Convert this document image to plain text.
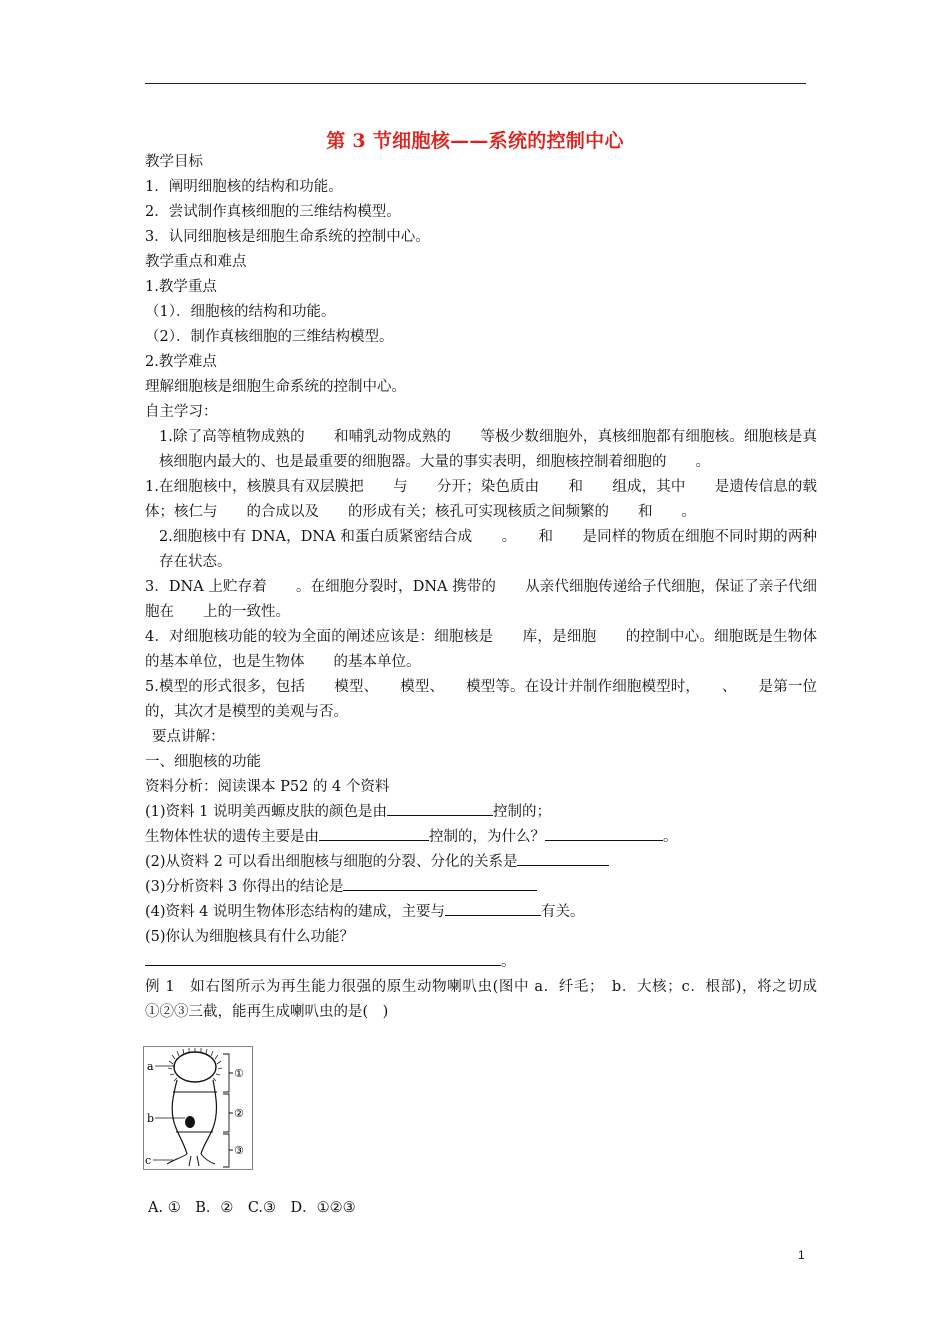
第 3 节细胞核——系统的控制中心
教学目标
1．阐明细胞核的结构和功能。
2．尝试制作真核细胞的三维结构模型。
3．认同细胞核是细胞生命系统的控制中心。
教学重点和难点
1.教学重点
（1）．细胞核的结构和功能。
（2）．制作真核细胞的三维结构模型。
2.教学难点
理解细胞核是细胞生命系统的控制中心。
自主学习：
1.除了高等植物成熟的　　和哺乳动物成熟的　　等极少数细胞外，真核细胞都有细胞核。细胞核是真核细胞内最大的、也是最重要的细胞器。大量的事实表明，细胞核控制着细胞的　　。
1.在细胞核中，核膜具有双层膜把　　与　　分开；染色质由　　和　　组成，其中　　是遗传信息的载体；核仁与　　的合成以及　　的形成有关；核孔可实现核质之间频繁的　　和　　。
2.细胞核中有 DNA，DNA 和蛋白质紧密结合成　　。　　和　　是同样的物质在细胞不同时期的两种存在状态。
3．DNA 上贮存着　　。在细胞分裂时，DNA 携带的　　从亲代细胞传递给子代细胞，保证了亲子代细胞在　　上的一致性。
4．对细胞核功能的较为全面的阐述应该是：细胞核是　　库，是细胞　　的控制中心。细胞既是生物体　　的基本单位，也是生物体　　的基本单位。
5.模型的形式很多，包括　　模型、　　模型、　　模型等。在设计并制作细胞模型时，　　、　　是第一位的，其次才是模型的美观与否。
要点讲解：
一、细胞核的功能
资料分析：阅读课本 P52 的 4 个资料
(1)资料 1 说明美西螈皮肤的颜色是由	控制的；
生物体性状的遗传主要是由	控制的，为什么？	。
(2)从资料 2 可以看出细胞核与细胞的分裂、分化的关系是
(3)分析资料 3 你得出的结论是
(4)资料 4 说明生物体形态结构的建成，主要与	有关。
(5)你认为细胞核具有什么功能？
。
例 1　如右图所示为再生能力很强的原生动物喇叭虫(图中 a．纤毛；　b．大核；c．根部)，将之切成①②③三截，能再生成喇叭虫的是(　)
a
b
c
①
②
③
A. ①　B．②　C.③　D．①②③
1
